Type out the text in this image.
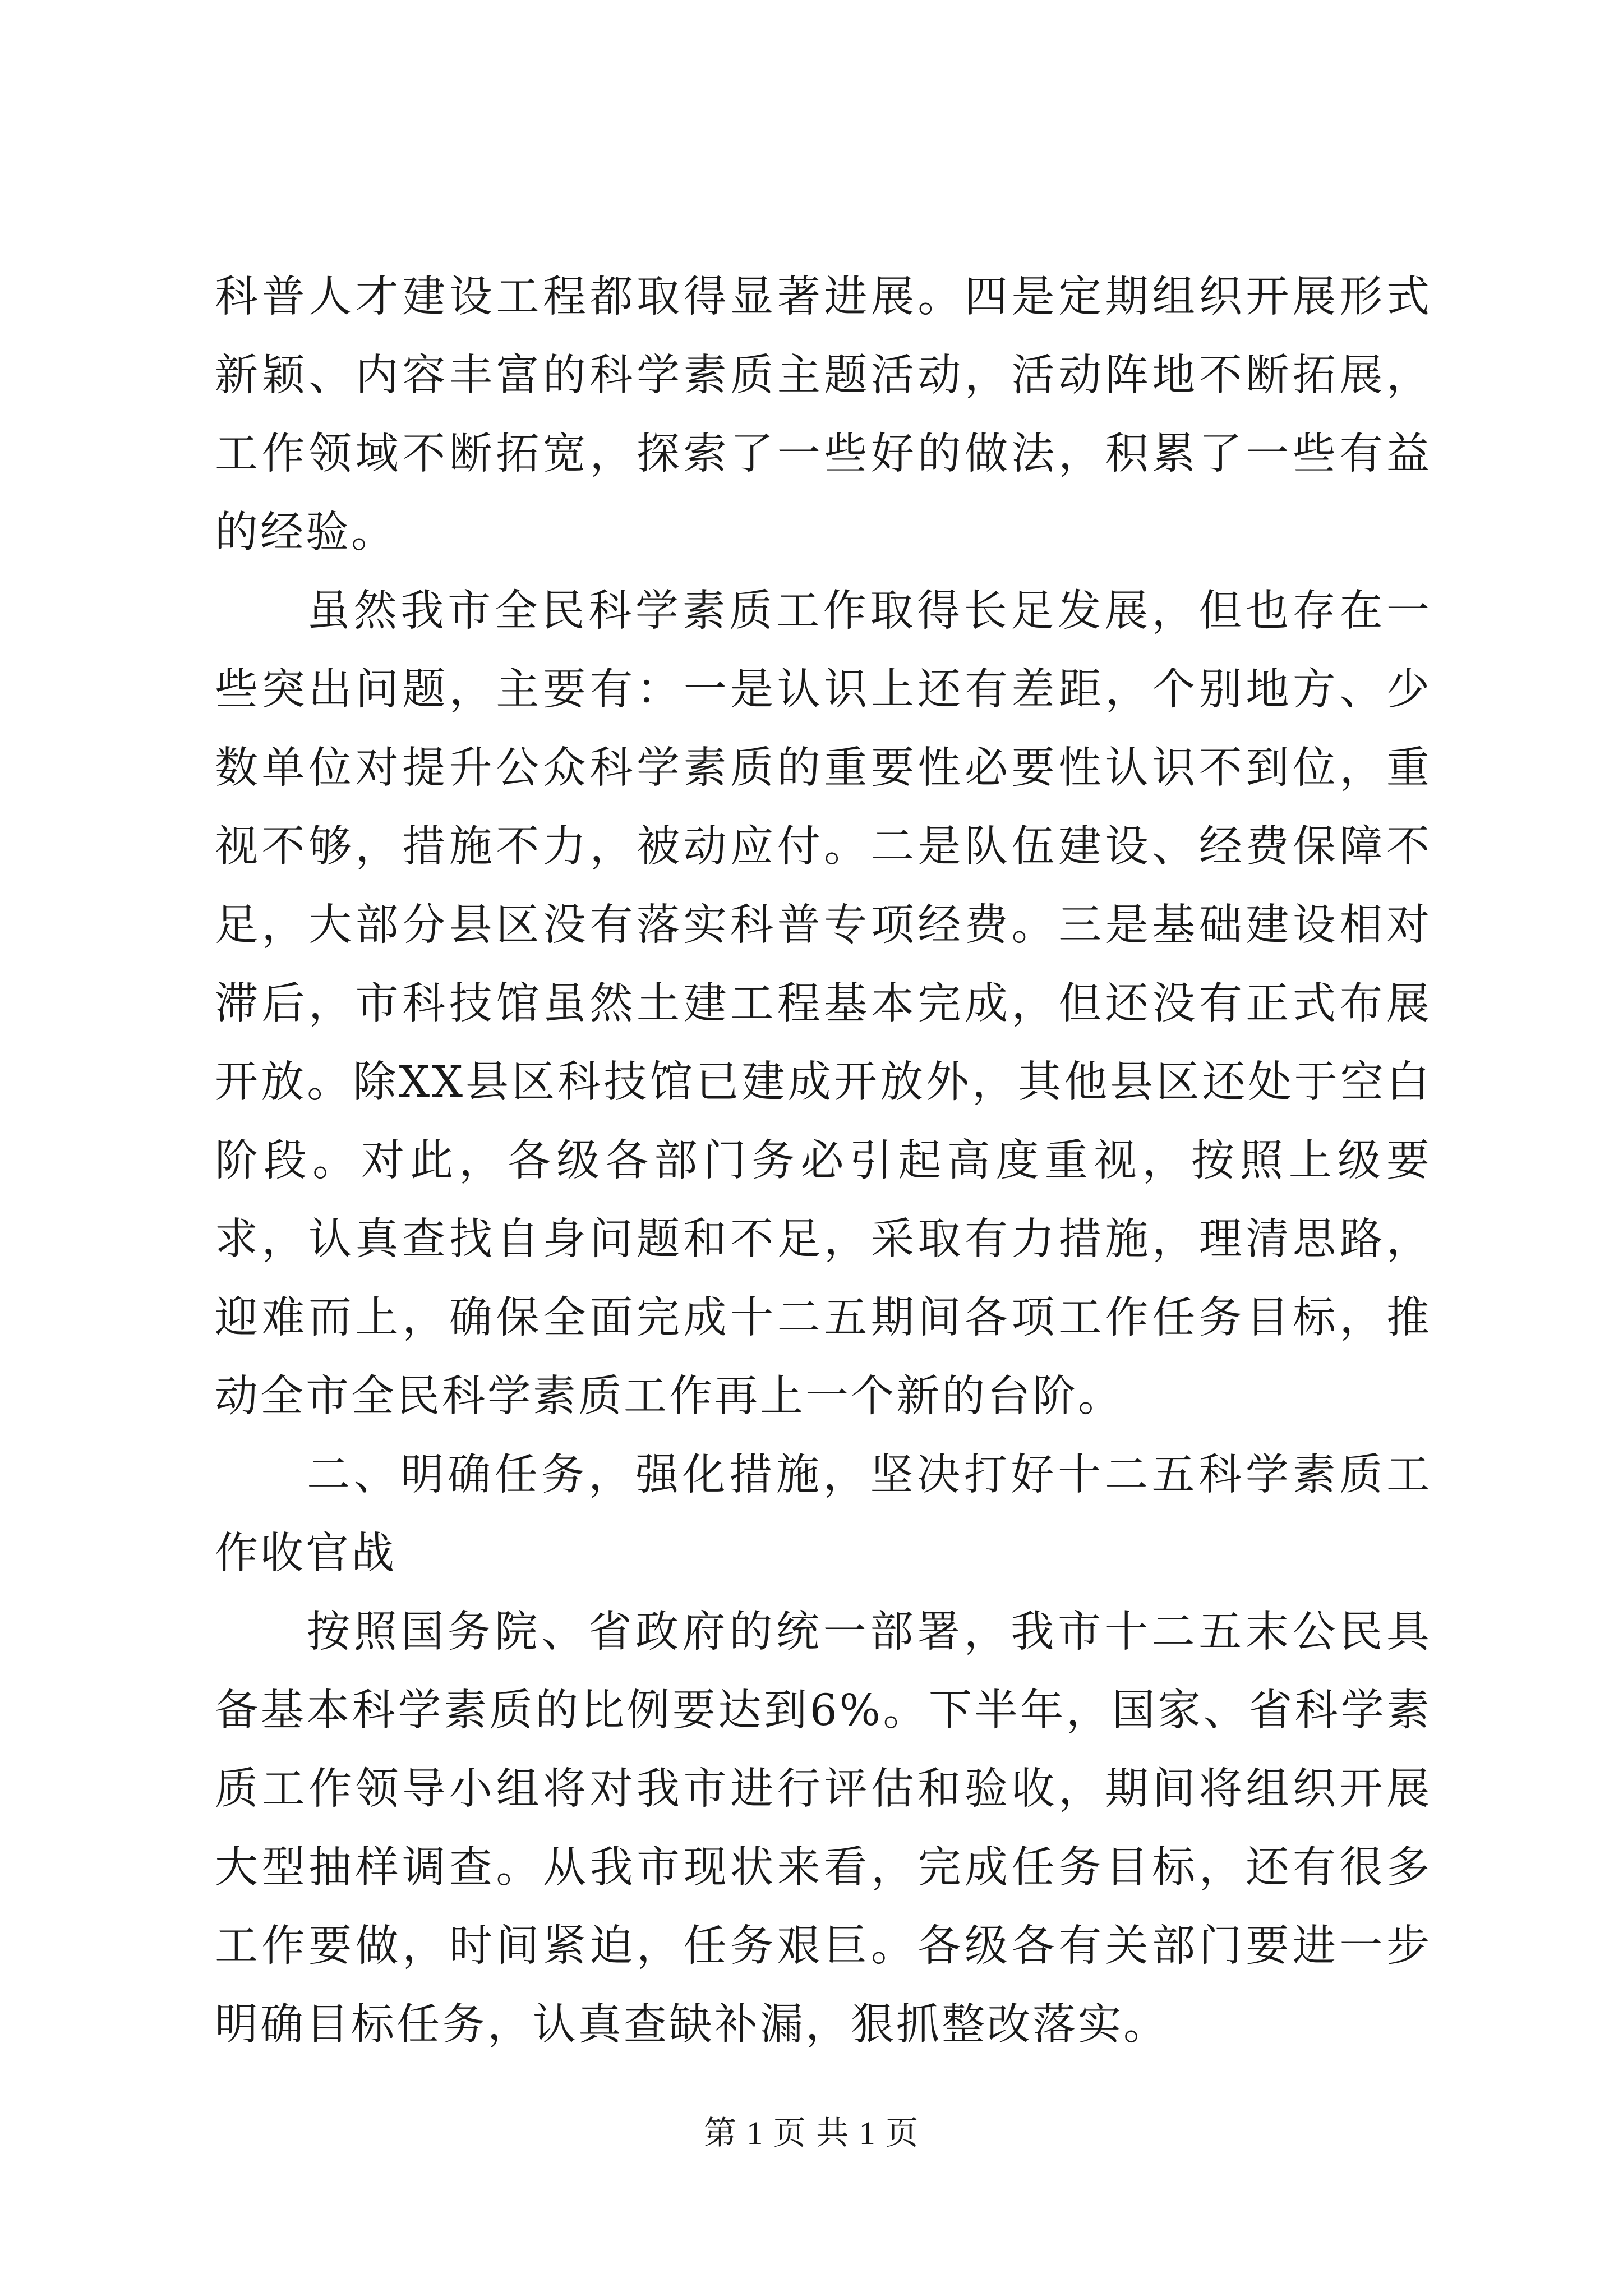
科普人才建设工程都取得显著进展。四是定期组织开展形式新颖、内容丰富的科学素质主题活动，活动阵地不断拓展，工作领域不断拓宽，探索了一些好的做法，积累了一些有益的经验。

虽然我市全民科学素质工作取得长足发展，但也存在一些突出问题，主要有：一是认识上还有差距，个别地方、少数单位对提升公众科学素质的重要性必要性认识不到位，重视不够，措施不力，被动应付。二是队伍建设、经费保障不足，大部分县区没有落实科普专项经费。三是基础建设相对滞后，市科技馆虽然土建工程基本完成，但还没有正式布展开放。除XX县区科技馆已建成开放外，其他县区还处于空白阶段。对此，各级各部门务必引起高度重视，按照上级要求，认真查找自身问题和不足，采取有力措施，理清思路，迎难而上，确保全面完成十二五期间各项工作任务目标，推动全市全民科学素质工作再上一个新的台阶。

二、明确任务，强化措施，坚决打好十二五科学素质工作收官战

按照国务院、省政府的统一部署，我市十二五末公民具备基本科学素质的比例要达到6%。下半年，国家、省科学素质工作领导小组将对我市进行评估和验收，期间将组织开展大型抽样调查。从我市现状来看，完成任务目标，还有很多工作要做，时间紧迫，任务艰巨。各级各有关部门要进一步明确目标任务，认真查缺补漏，狠抓整改落实。

第 1 页 共 1 页
